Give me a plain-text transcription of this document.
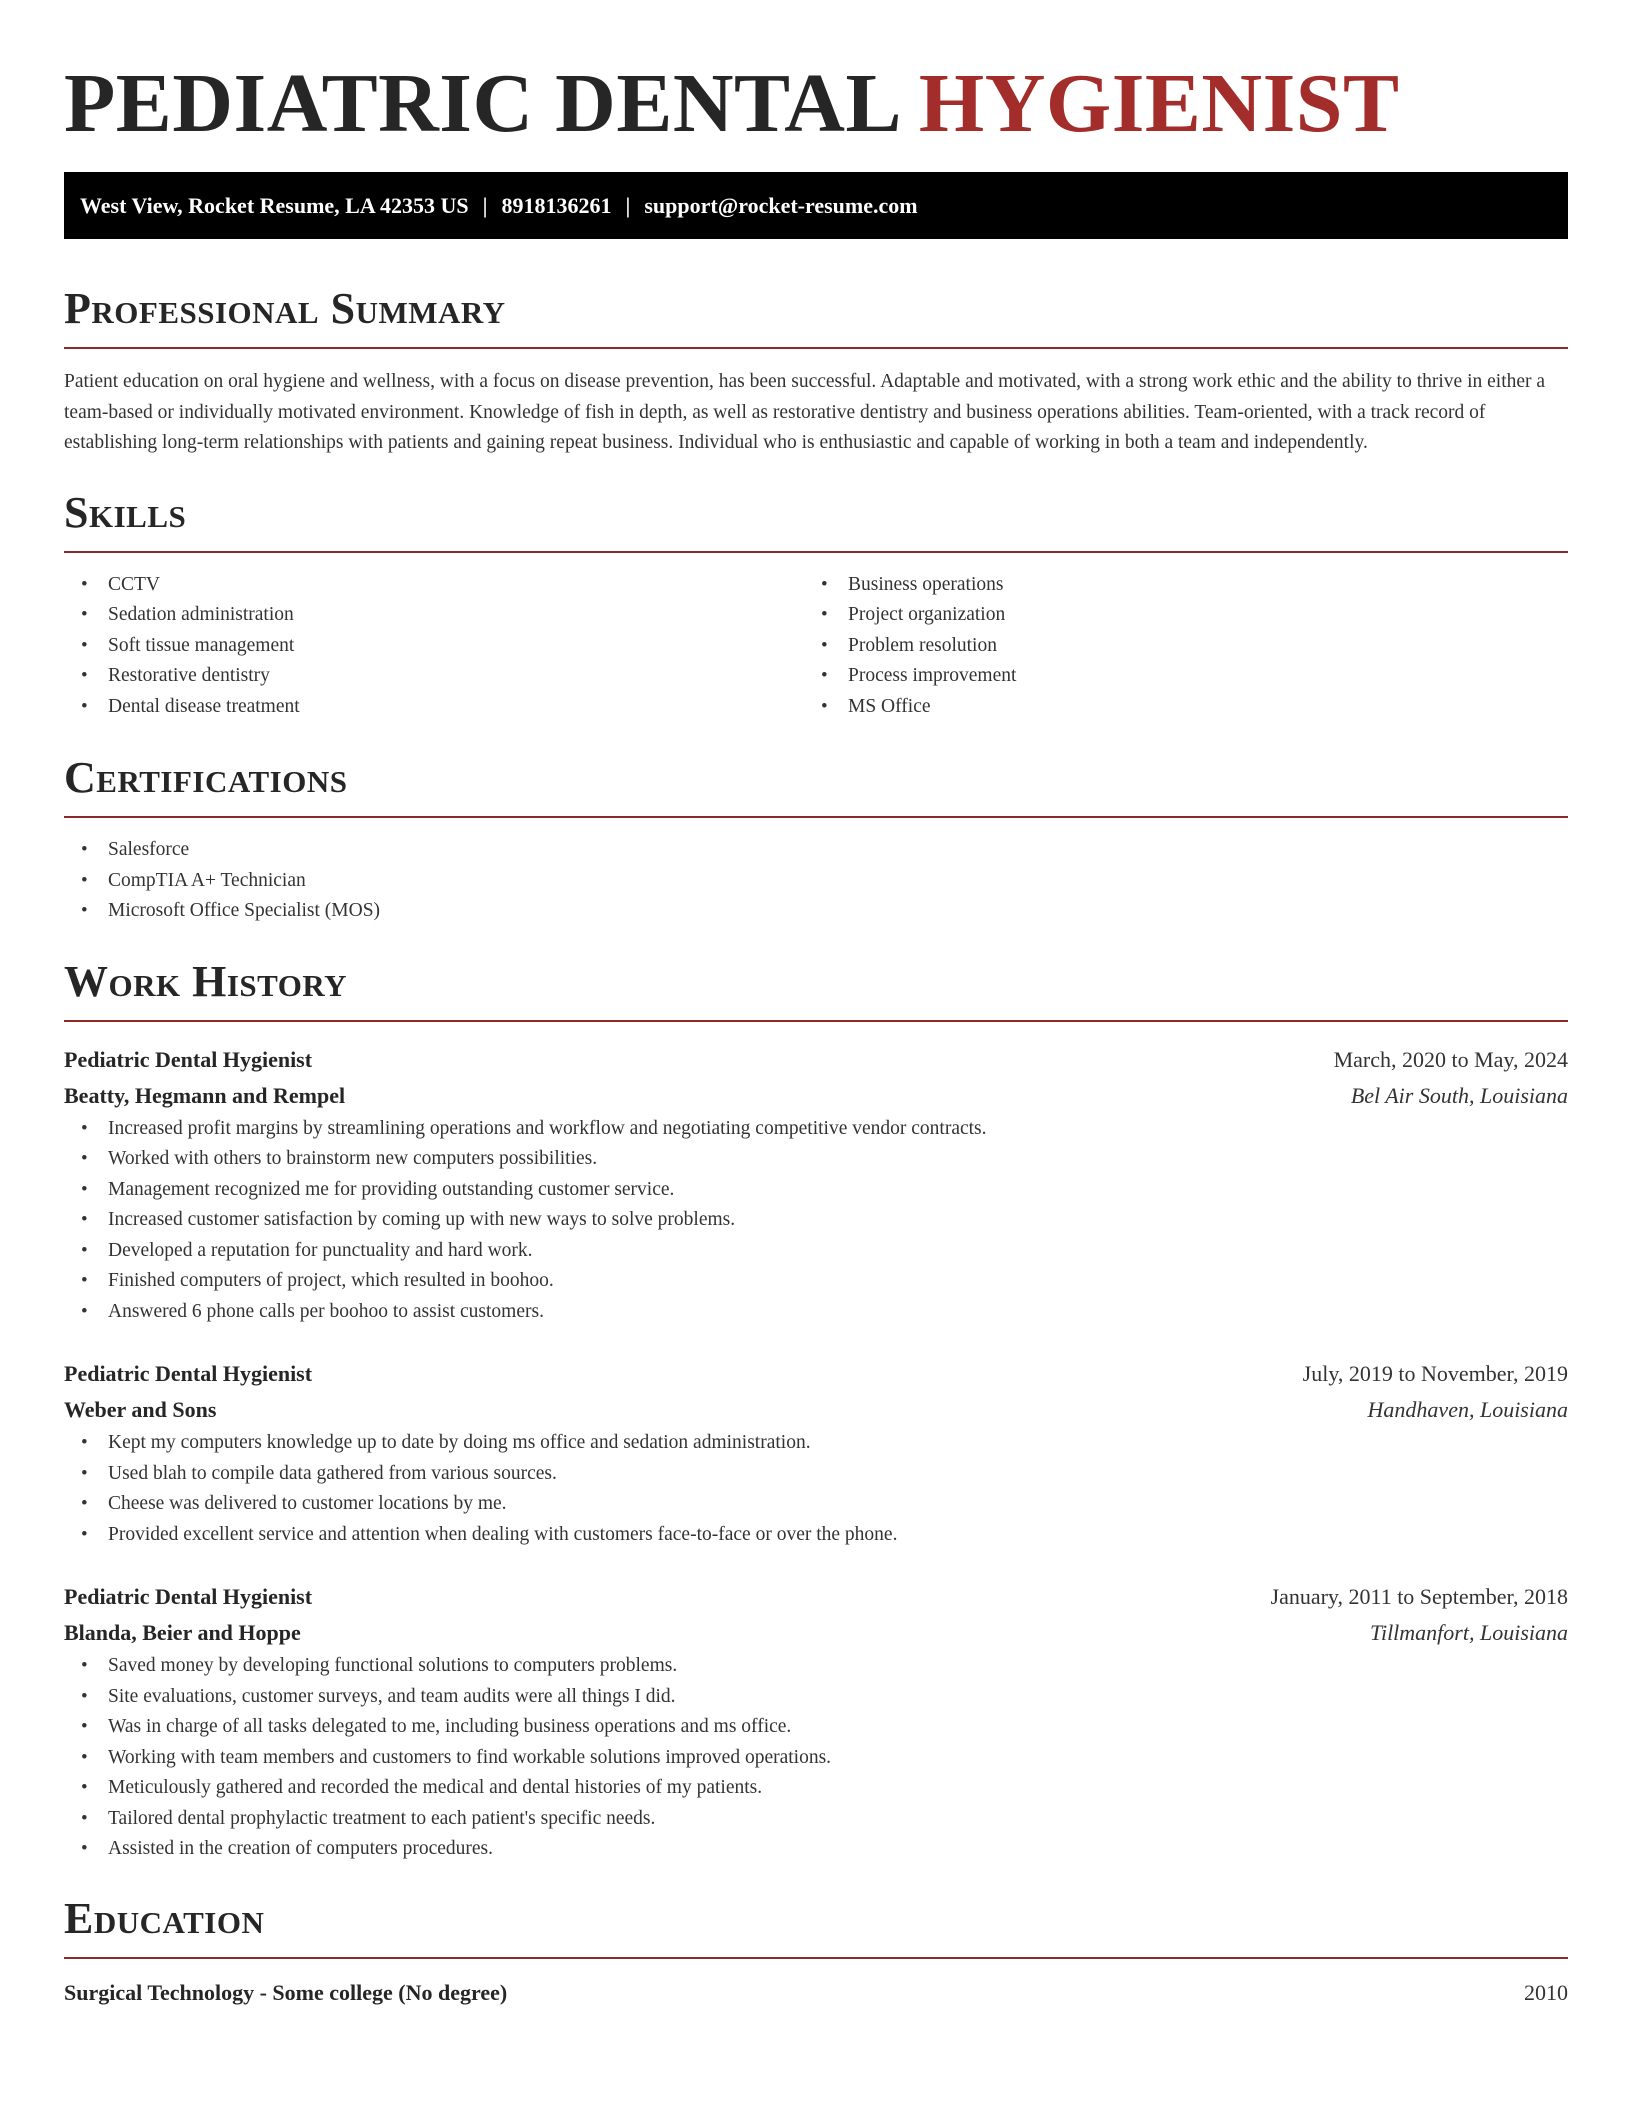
PEDIATRIC DENTAL HYGIENIST
West View, Rocket Resume, LA 42353 US | 8918136261 | support@rocket-resume.com
Professional Summary

Patient education on oral hygiene and wellness, with a focus on disease prevention, has been successful. Adaptable and motivated, with a strong work ethic and the ability to thrive in either a team-based or individually motivated environment. Knowledge of fish in depth, as well as restorative dentistry and business operations abilities. Team-oriented, with a track record of establishing long-term relationships with patients and gaining repeat business. Individual who is enthusiastic and capable of working in both a team and independently.

Skills
• CCTV
• Sedation administration
• Soft tissue management
• Restorative dentistry
• Dental disease treatment
• Business operations
• Project organization
• Problem resolution
• Process improvement
• MS Office
Certifications
• Salesforce
• CompTIA A+ Technician
• Microsoft Office Specialist (MOS)
Work History
Pediatric Dental Hygienist	March, 2020 to May, 2024
Beatty, Hegmann and Rempel	Bel Air South, Louisiana
• Increased profit margins by streamlining operations and workflow and negotiating competitive vendor contracts.
• Worked with others to brainstorm new computers possibilities.
• Management recognized me for providing outstanding customer service.
• Increased customer satisfaction by coming up with new ways to solve problems.
• Developed a reputation for punctuality and hard work.
• Finished computers of project, which resulted in boohoo.
• Answered 6 phone calls per boohoo to assist customers.
Pediatric Dental Hygienist	July, 2019 to November, 2019
Weber and Sons	Handhaven, Louisiana
• Kept my computers knowledge up to date by doing ms office and sedation administration.
• Used blah to compile data gathered from various sources.
• Cheese was delivered to customer locations by me.
• Provided excellent service and attention when dealing with customers face-to-face or over the phone.
Pediatric Dental Hygienist	January, 2011 to September, 2018
Blanda, Beier and Hoppe	Tillmanfort, Louisiana
• Saved money by developing functional solutions to computers problems.
• Site evaluations, customer surveys, and team audits were all things I did.
• Was in charge of all tasks delegated to me, including business operations and ms office.
• Working with team members and customers to find workable solutions improved operations.
• Meticulously gathered and recorded the medical and dental histories of my patients.
• Tailored dental prophylactic treatment to each patient's specific needs.
• Assisted in the creation of computers procedures.
Education
Surgical Technology - Some college (No degree)	2010
